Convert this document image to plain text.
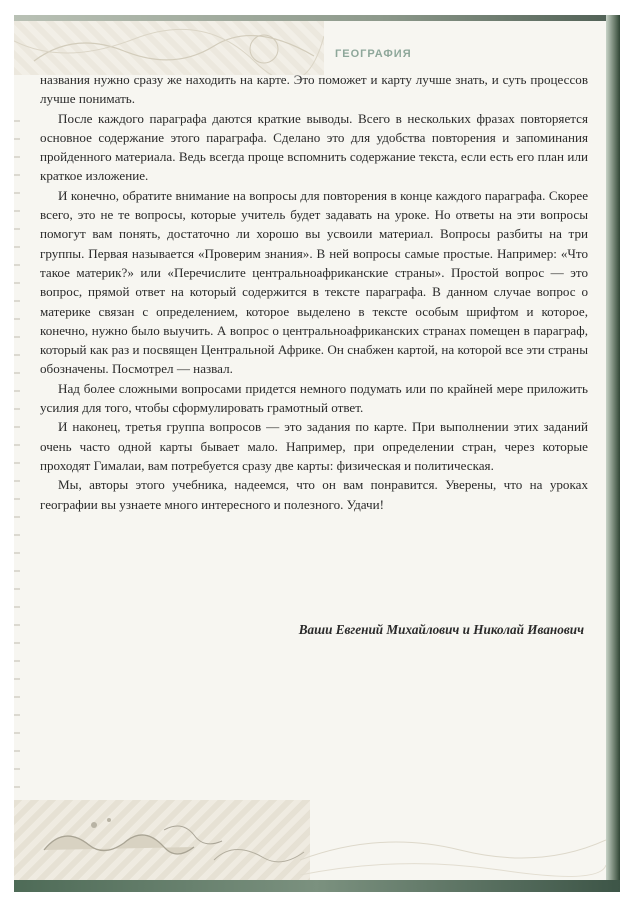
ГЕОГРАФИЯ

названия нужно сразу же находить на карте. Это поможет и карту лучше знать, и суть процессов лучше понимать.

После каждого параграфа даются краткие выводы. Всего в нескольких фразах повторяется основное содержание этого параграфа. Сделано это для удобства повторения и запоминания пройденного материала. Ведь всегда проще вспомнить содержание текста, если есть его план или краткое изложение.

И конечно, обратите внимание на вопросы для повторения в конце каждого параграфа. Скорее всего, это не те вопросы, которые учитель будет задавать на уроке. Но ответы на эти вопросы помогут вам понять, достаточно ли хорошо вы усвоили материал. Вопросы разбиты на три группы. Первая называется «Проверим знания». В ней вопросы самые простые. Например: «Что такое материк?» или «Перечислите центральноафриканские страны». Простой вопрос — это вопрос, прямой ответ на который содержится в тексте параграфа. В данном случае вопрос о материке связан с определением, которое выделено в тексте особым шрифтом и которое, конечно, нужно было выучить. А вопрос о центральноафриканских странах помещен в параграф, который как раз и посвящен Центральной Африке. Он снабжен картой, на которой все эти страны обозначены. Посмотрел — назвал.

Над более сложными вопросами придется немного подумать или по крайней мере приложить усилия для того, чтобы сформулировать грамотный ответ.

И наконец, третья группа вопросов — это задания по карте. При выполнении этих заданий очень часто одной карты бывает мало. Например, при определении стран, через которые проходят Гималаи, вам потребуется сразу две карты: физическая и политическая.

Мы, авторы этого учебника, надеемся, что он вам понравится. Уверены, что на уроках географии вы узнаете много интересного и полезного. Удачи!

Ваши Евгений Михайлович и Николай Иванович
